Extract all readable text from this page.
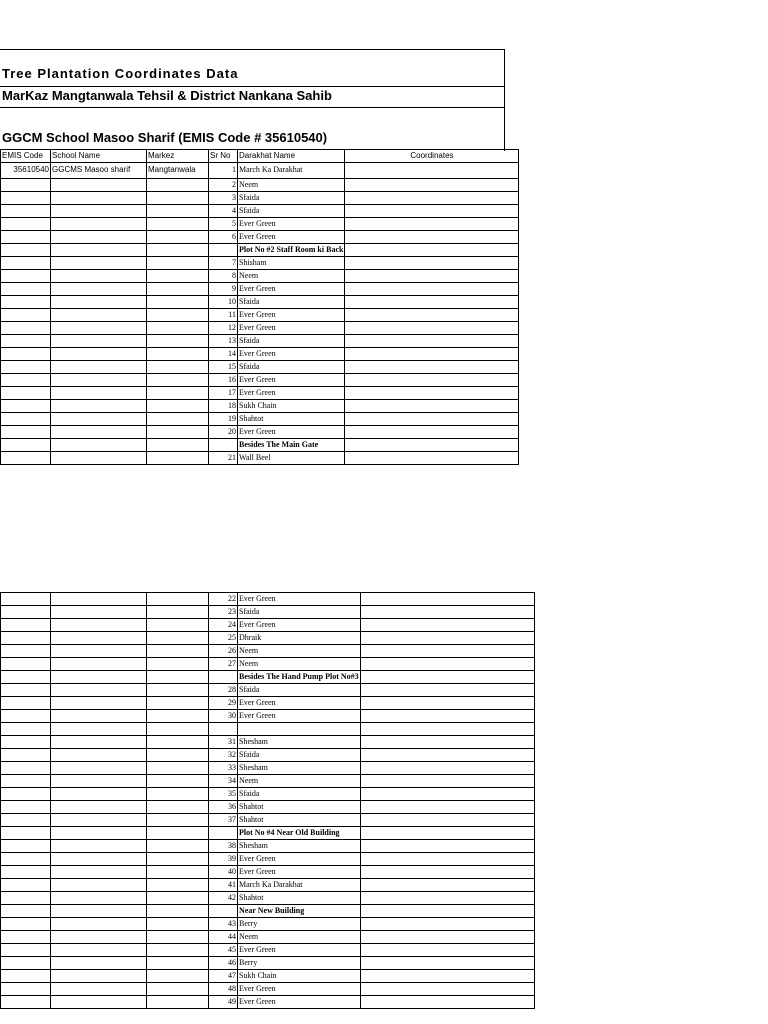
Tree Plantation Coordinates Data
MarKaz Mangtanwala Tehsil & District Nankana Sahib
GGCM School Masoo Sharif (EMIS Code # 35610540)
EMIS Code	School Name	Markez	Sr No	Darakhat Name	Coordinates
35610540	GGCMS Masoo sharif	Mangtanwala	1	March Ka Darakhat	
			2	Neem	
			3	Sfaida	
			4	Sfaida	
			5	Ever Green	
			6	Ever Green	
				Plot No #2 Staff Room ki Back	
			7	Shisham	
			8	Neem	
			9	Ever Green	
			10	Sfaida	
			11	Ever Green	
			12	Ever Green	
			13	Sfaida	
			14	Ever Green	
			15	Sfaida	
			16	Ever Green	
			17	Ever Green	
			18	Sukh Chain	
			19	Shahtot	
			20	Ever Green	
				Besides The Main Gate	
			21	Wall Beel	
			22	Ever Green	
			23	Sfaida	
			24	Ever Green	
			25	Dhraik	
			26	Neem	
			27	Neem	
				Besides The Hand Pump Plot No#3	
			28	Sfaida	
			29	Ever Green	
			30	Ever Green	

			31	Shesham	
			32	Sfaida	
			33	Shesham	
			34	Neem	
			35	Sfaida	
			36	Shahtot	
			37	Shahtot	
				Plot No #4 Near Old Building	
			38	Shesham	
			39	Ever Green	
			40	Ever Green	
			41	March Ka Darakhat	
			42	Shahtot	
				Near New Building	
			43	Berry	
			44	Neem	
			45	Ever Green	
			46	Berry	
			47	Sukh Chain	
			48	Ever Green	
			49	Ever Green	
